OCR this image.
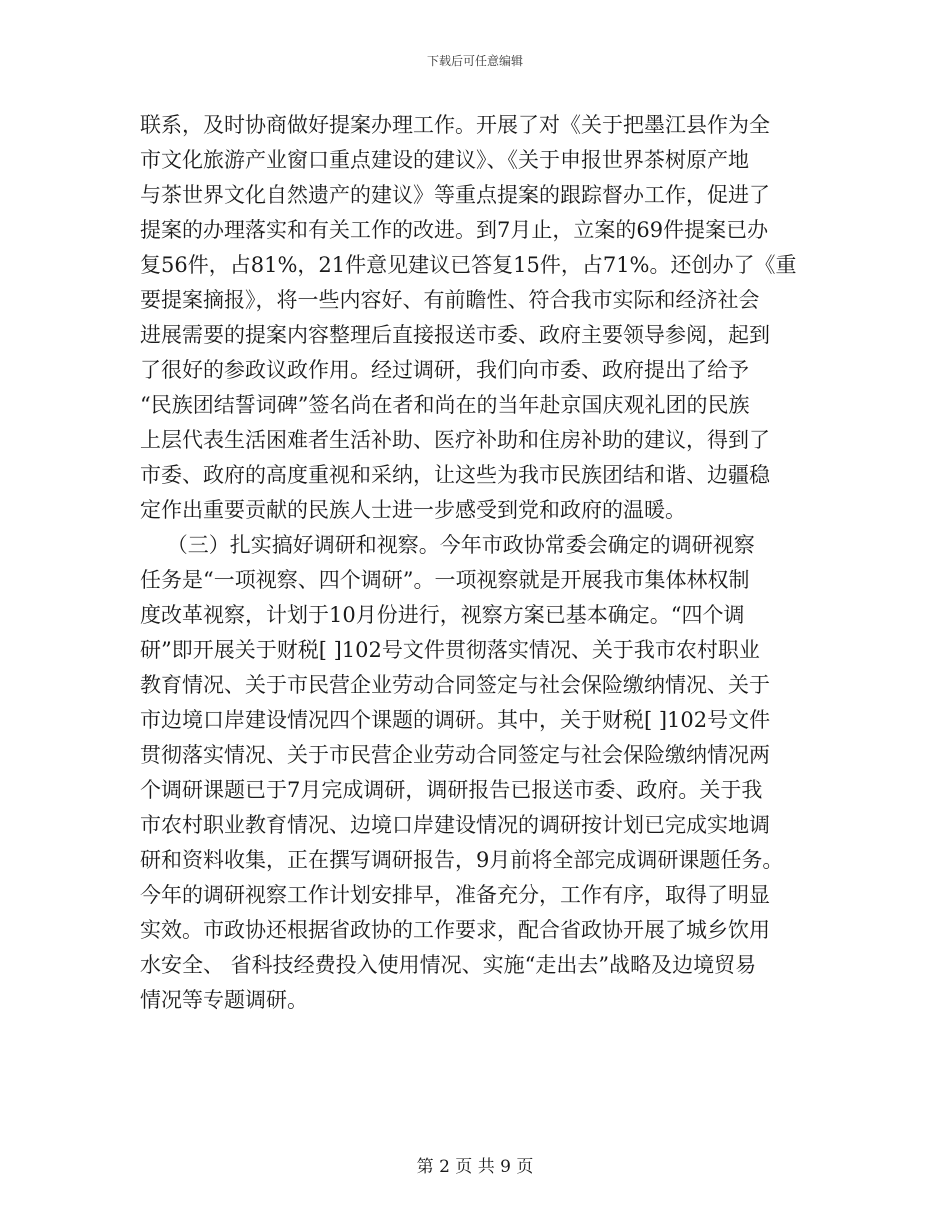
下载后可任意编辑
联系，及时协商做好提案办理工作。开展了对《关于把墨江县作为全
市文化旅游产业窗口重点建设的建议》、《关于申报世界茶树原产地
与茶世界文化自然遗产的建议》等重点提案的跟踪督办工作，促进了
提案的办理落实和有关工作的改进。到7月止，立案的69件提案已办
复56件，占81%，21件意见建议已答复15件，占71%。还创办了《重
要提案摘报》，将一些内容好、有前瞻性、符合我市实际和经济社会
进展需要的提案内容整理后直接报送市委、政府主要领导参阅，起到
了很好的参政议政作用。经过调研，我们向市委、政府提出了给予
“民族团结誓词碑”签名尚在者和尚在的当年赴京国庆观礼团的民族
上层代表生活困难者生活补助、医疗补助和住房补助的建议，得到了
市委、政府的高度重视和采纳，让这些为我市民族团结和谐、边疆稳
定作出重要贡献的民族人士进一步感受到党和政府的温暖。
（三）扎实搞好调研和视察。今年市政协常委会确定的调研视察
任务是“一项视察、四个调研”。一项视察就是开展我市集体林权制
度改革视察，计划于10月份进行，视察方案已基本确定。“四个调
研”即开展关于财税[ ]102号文件贯彻落实情况、关于我市农村职业
教育情况、关于市民营企业劳动合同签定与社会保险缴纳情况、关于
市边境口岸建设情况四个课题的调研。其中，关于财税[ ]102号文件
贯彻落实情况、关于市民营企业劳动合同签定与社会保险缴纳情况两
个调研课题已于7月完成调研，调研报告已报送市委、政府。关于我
市农村职业教育情况、边境口岸建设情况的调研按计划已完成实地调
研和资料收集，正在撰写调研报告，9月前将全部完成调研课题任务。
今年的调研视察工作计划安排早，准备充分，工作有序，取得了明显
实效。市政协还根据省政协的工作要求，配合省政协开展了城乡饮用
水安全、 省科技经费投入使用情况、实施“走出去”战略及边境贸易
情况等专题调研。
第 2 页 共 9 页
